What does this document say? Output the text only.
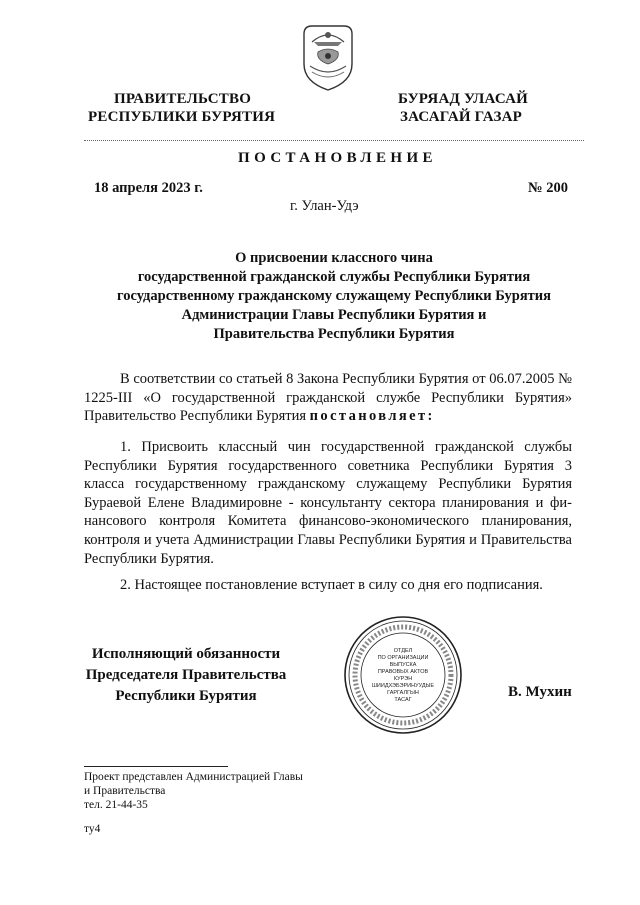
ПРАВИТЕЛЬСТВО
РЕСПУБЛИКИ БУРЯТИЯ
БУРЯАД УЛАСАЙ
ЗАСАГАЙ ГАЗАР
ПОСТАНОВЛЕНИЕ
18 апреля 2023 г.	№ 200
г. Улан-Удэ
О присвоении классного чина
государственной гражданской службы Республики Бурятия
государственному гражданскому служащему Республики Бурятия
Администрации Главы Республики Бурятия и
Правительства Республики Бурятия

В соответствии со статьей 8 Закона Республики Бурятия от 06.07.2005 № 1225-III «О государственной гражданской службе Республики Бурятия» Правительство Республики Бурятия постановляет:

1. Присвоить классный чин государственной гражданской службы Республики Бурятия государственного советника Республики Бурятия 3 класса государственному гражданскому служащему Республики Бурятия Бураевой Елене Владимировне - консультанту сектора планирования и финансового контроля Комитета финансово-экономического планирования, контроля и учета Администрации Главы Республики Бурятия и Правительства Республики Бурятия.

2. Настоящее постановление вступает в силу со дня его подписания.

Исполняющий обязанности
Председателя Правительства
Республики Бурятия
ОТДЕЛ
ПО ОРГАНИЗАЦИИ
ВЫПУСКА
ПРАВОВЫХ АКТОВ
КУРЭН
ШИИДХЭБЭРИНУУДЫЕ
ГАРГАЛГЫН
ТАСАГ	В. Мухин
Проект представлен Администрацией Главы
и Правительства
тел. 21-44-35
ту4
